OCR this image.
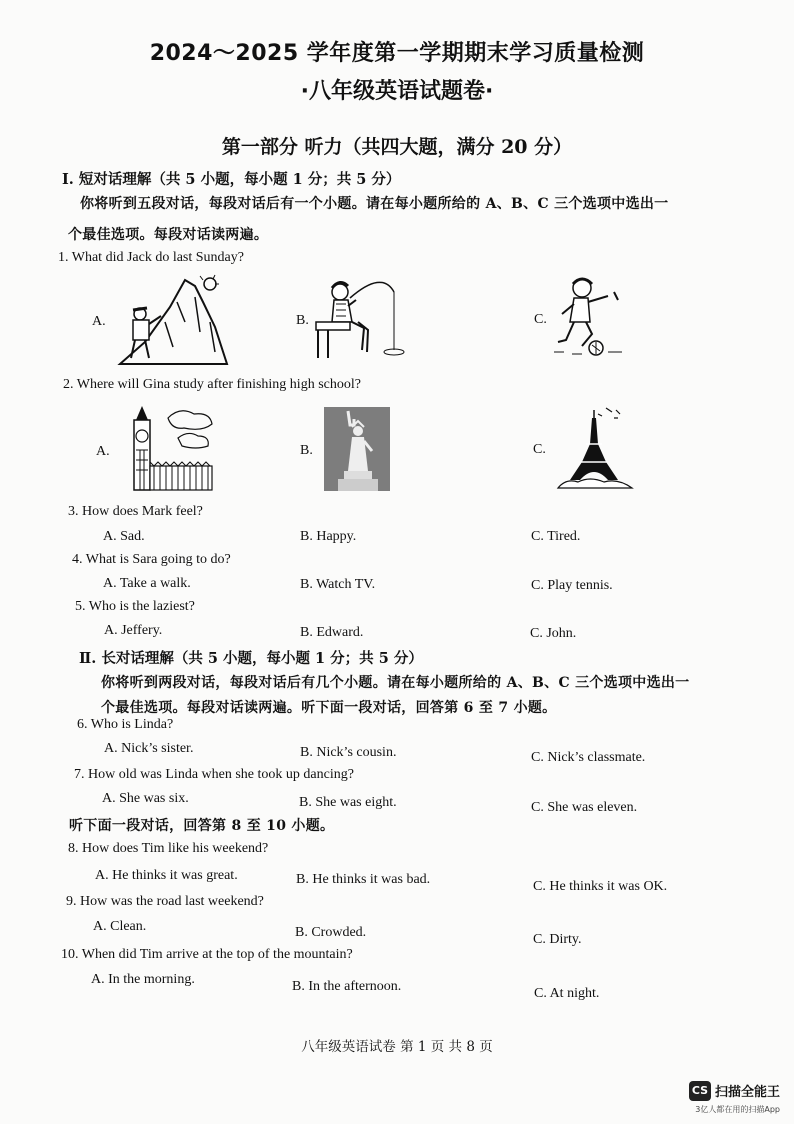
2024～2025 学年度第一学期期末学习质量检测
·八年级英语试题卷·
第一部分 听力（共四大题，满分 20 分）
Ⅰ. 短对话理解（共 5 小题，每小题 1 分；共 5 分）
你将听到五段对话，每段对话后有一个小题。请在每小题所给的 A、B、C 三个选项中选出一
个最佳选项。每段对话读两遍。
1. What did Jack do last Sunday?
A.	B.	C.
2. Where will Gina study after finishing high school?
A.	B.	C.
3. How does Mark feel?
A. Sad.	B. Happy.	C. Tired.
4. What is Sara going to do?
A. Take a walk.	B. Watch TV.	C. Play tennis.
5. Who is the laziest?
A. Jeffery.	B. Edward.	C. John.
Ⅱ. 长对话理解（共 5 小题，每小题 1 分；共 5 分）
你将听到两段对话，每段对话后有几个小题。请在每小题所给的 A、B、C 三个选项中选出一
个最佳选项。每段对话读两遍。听下面一段对话，回答第 6 至 7 小题。
6. Who is Linda?
A. Nick’s sister.	B. Nick’s cousin.	C. Nick’s classmate.
7. How old was Linda when she took up dancing?
A. She was six.	B. She was eight.	C. She was eleven.
听下面一段对话，回答第 8 至 10 小题。
8. How does Tim like his weekend?
A. He thinks it was great.	B. He thinks it was bad.	C. He thinks it was OK.
9. How was the road last weekend?
A. Clean.	B. Crowded.	C. Dirty.
10. When did Tim arrive at the top of the mountain?
A. In the morning.	B. In the afternoon.	C. At night.
八年级英语试卷 第 1 页 共 8 页
CS 扫描全能王
3亿人都在用的扫描App
